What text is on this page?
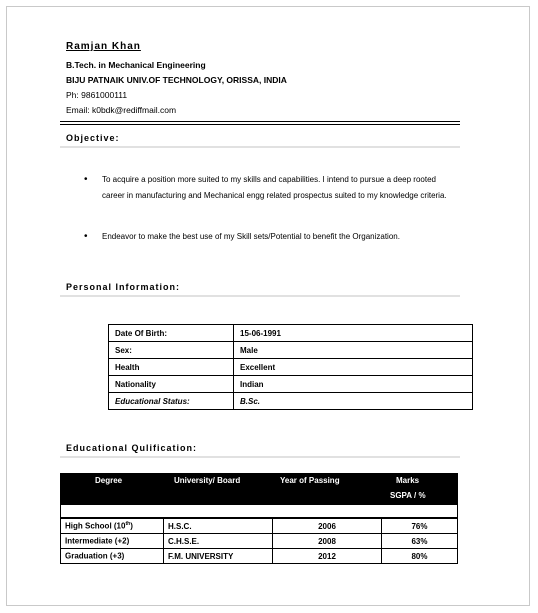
Ramjan Khan
B.Tech. in Mechanical Engineering
BIJU PATNAIK UNIV.OF TECHNOLOGY, ORISSA, INDIA
Ph: 9861000111
Email: k0bdk@rediffmail.com
Objective:
• To acquire a position more suited to my skills and capabilities. I intend to pursue a deep rooted career in manufacturing and Mechanical engg related prospectus suited to my knowledge criteria.
• Endeavor to make the best use of my Skill sets/Potential to benefit the Organization.
Personal Information:
Date Of Birth:	15-06-1991
Sex:	Male
Health	Excellent
Nationality	Indian
Educational Status:	B.Sc.
Educational Qulification:
Degree	University/ Board	Year of Passing	Marks
SGPA / %
High School (10th)	H.S.C.	2006	76%
Intermediate (+2)	C.H.S.E.	2008	63%
Graduation (+3)	F.M. UNIVERSITY	2012	80%
